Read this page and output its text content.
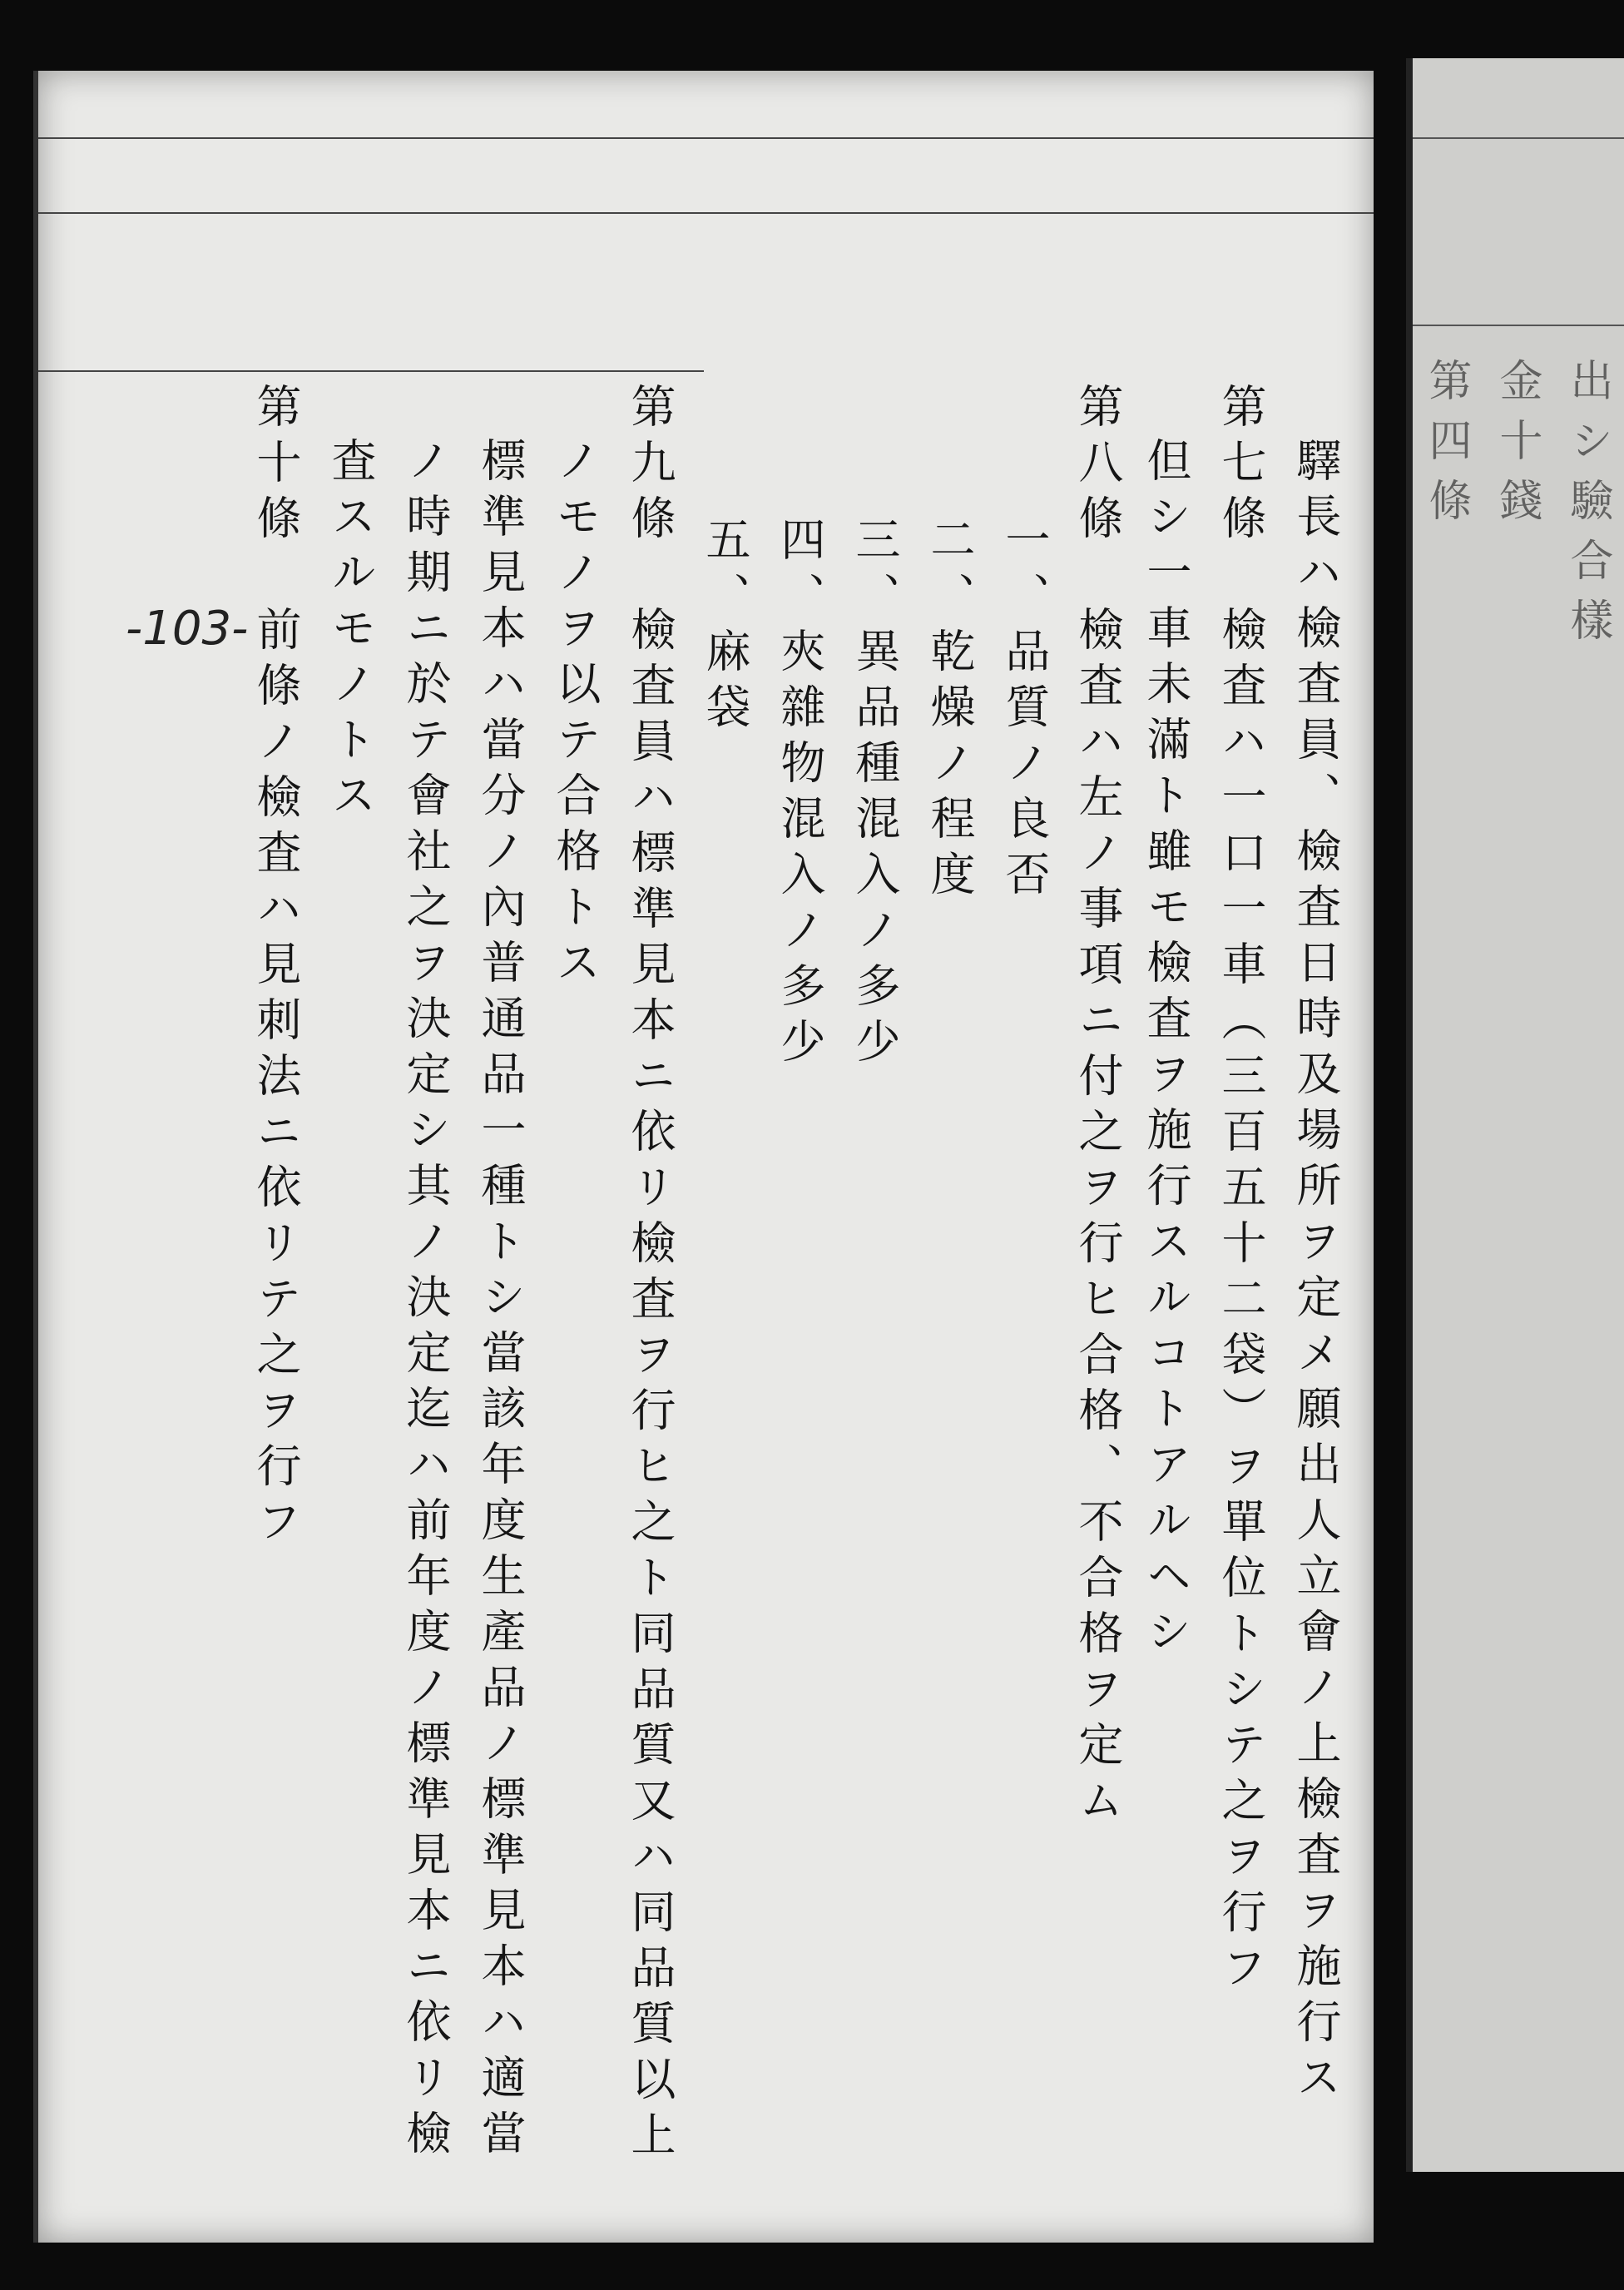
-103-	驛長ハ檢査員、檢査日時及場所ヲ定メ願出人立會ノ上檢査ヲ施行ス

第七條　檢査ハ一口一車（三百五十二袋）ヲ單位トシテ之ヲ行フ

但シ一車未滿ト雖モ檢査ヲ施行スルコトアルヘシ

第八條　檢査ハ左ノ事項ニ付之ヲ行ヒ合格、不合格ヲ定ム

一、品質ノ良否

二、乾燥ノ程度

三、異品種混入ノ多少

四、夾雜物混入ノ多少

五、麻袋

第九條　檢査員ハ標準見本ニ依リ檢査ヲ行ヒ之ト同品質又ハ同品質以上

ノモノヲ以テ合格トス

標準見本ハ當分ノ內普通品一種トシ當該年度生產品ノ標準見本ハ適當

ノ時期ニ於テ會社之ヲ決定シ其ノ決定迄ハ前年度ノ標準見本ニ依リ檢

査スルモノトス

第十條　前條ノ檢査ハ見刺法ニ依リテ之ヲ行フ	出シ驗合樣

金十錢

第四條
